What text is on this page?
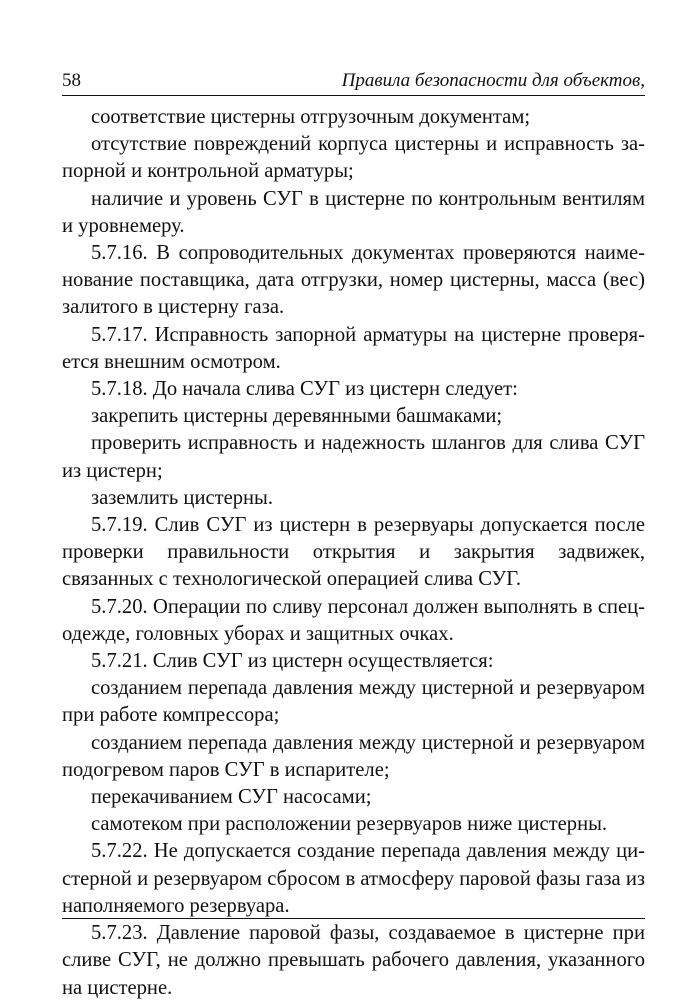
58	Правила безопасности для объектов,

соответствие цистерны отгрузочным документам;

отсутствие повреждений корпуса цистерны и исправность запорной и контрольной арматуры;

наличие и уровень СУГ в цистерне по контрольным вентилям и уровнемеру.

5.7.16. В сопроводительных документах проверяются наименование поставщика, дата отгрузки, номер цистерны, масса (вес) залитого в цистерну газа.

5.7.17. Исправность запорной арматуры на цистерне проверяется внешним осмотром.

5.7.18. До начала слива СУГ из цистерн следует:

закрепить цистерны деревянными башмаками;

проверить исправность и надежность шлангов для слива СУГ из цистерн;

заземлить цистерны.

5.7.19. Слив СУГ из цистерн в резервуары допускается после проверки правильности открытия и закрытия задвижек, связанных с технологической операцией слива СУГ.

5.7.20. Операции по сливу персонал должен выполнять в спецодежде, головных уборах и защитных очках.

5.7.21. Слив СУГ из цистерн осуществляется:

созданием перепада давления между цистерной и резервуаром при работе компрессора;

созданием перепада давления между цистерной и резервуаром подогревом паров СУГ в испарителе;

перекачиванием СУГ насосами;

самотеком при расположении резервуаров ниже цистерны.

5.7.22. Не допускается создание перепада давления между цистерной и резервуаром сбросом в атмосферу паровой фазы газа из наполняемого резервуара.

5.7.23. Давление паровой фазы, создаваемое в цистерне при сливе СУГ, не должно превышать рабочего давления, указанного на цистерне.
